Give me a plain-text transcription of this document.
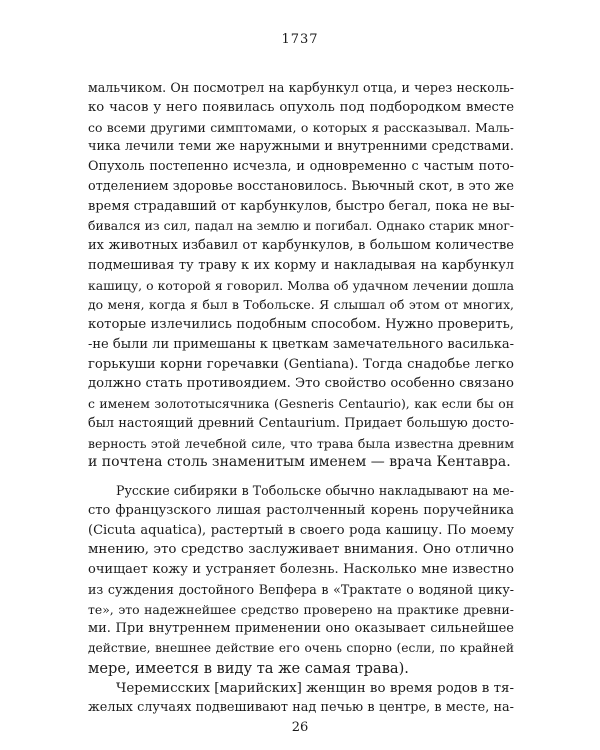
1737
мальчиком. Он посмотрел на карбункул отца, и через несколь-
ко часов у него появилась опухоль под подбородком вместе
со всеми другими симптомами, о которых я рассказывал. Маль-
чика лечили теми же наружными и внутренними средствами.
Опухоль постепенно исчезла, и одновременно с частым пото-
отделением здоровье восстановилось. Вьючный скот, в это же
время страдавший от карбункулов, быстро бегал, пока не вы-
бивался из сил, падал на землю и погибал. Однако старик мног-
их животных избавил от карбункулов, в большом количестве
подмешивая ту траву к их корму и накладывая на карбункул
кашицу, о которой я говорил. Молва об удачном лечении дошла
до меня, когда я был в Тобольске. Я слышал об этом от многих,
которые излечились подобным способом. Нужно проверить,
-не были ли примешаны к цветкам замечательного василька-
горькуши корни горечавки (Gentiana). Тогда снадобье легко
должно стать противоядием. Это свойство особенно связано
с именем золототысячника (Gesneris Centaurio), как если бы он
был настоящий древний Centaurium. Придает большую досто-
верность этой лечебной силе, что трава была известна древним
и почтена столь знаменитым именем — врача Кентавра.
Русские сибиряки в Тобольске обычно накладывают на ме-
сто французского лишая растолченный корень поручейника
(Cicuta aquatica), растертый в своего рода кашицу. По моему
мнению, это средство заслуживает внимания. Оно отлично
очищает кожу и устраняет болезнь. Насколько мне известно
из суждения достойного Вепфера в «Трактате о водяной цику-
те», это надежнейшее средство проверено на практике древни-
ми. При внутреннем применении оно оказывает сильнейшее
действие, внешнее действие его очень спорно (если, по крайней
мере, имеется в виду та же самая трава).
Черемисских [марийских] женщин во время родов в тя-
желых случаях подвешивают над печью в центре, в месте, на-
26
